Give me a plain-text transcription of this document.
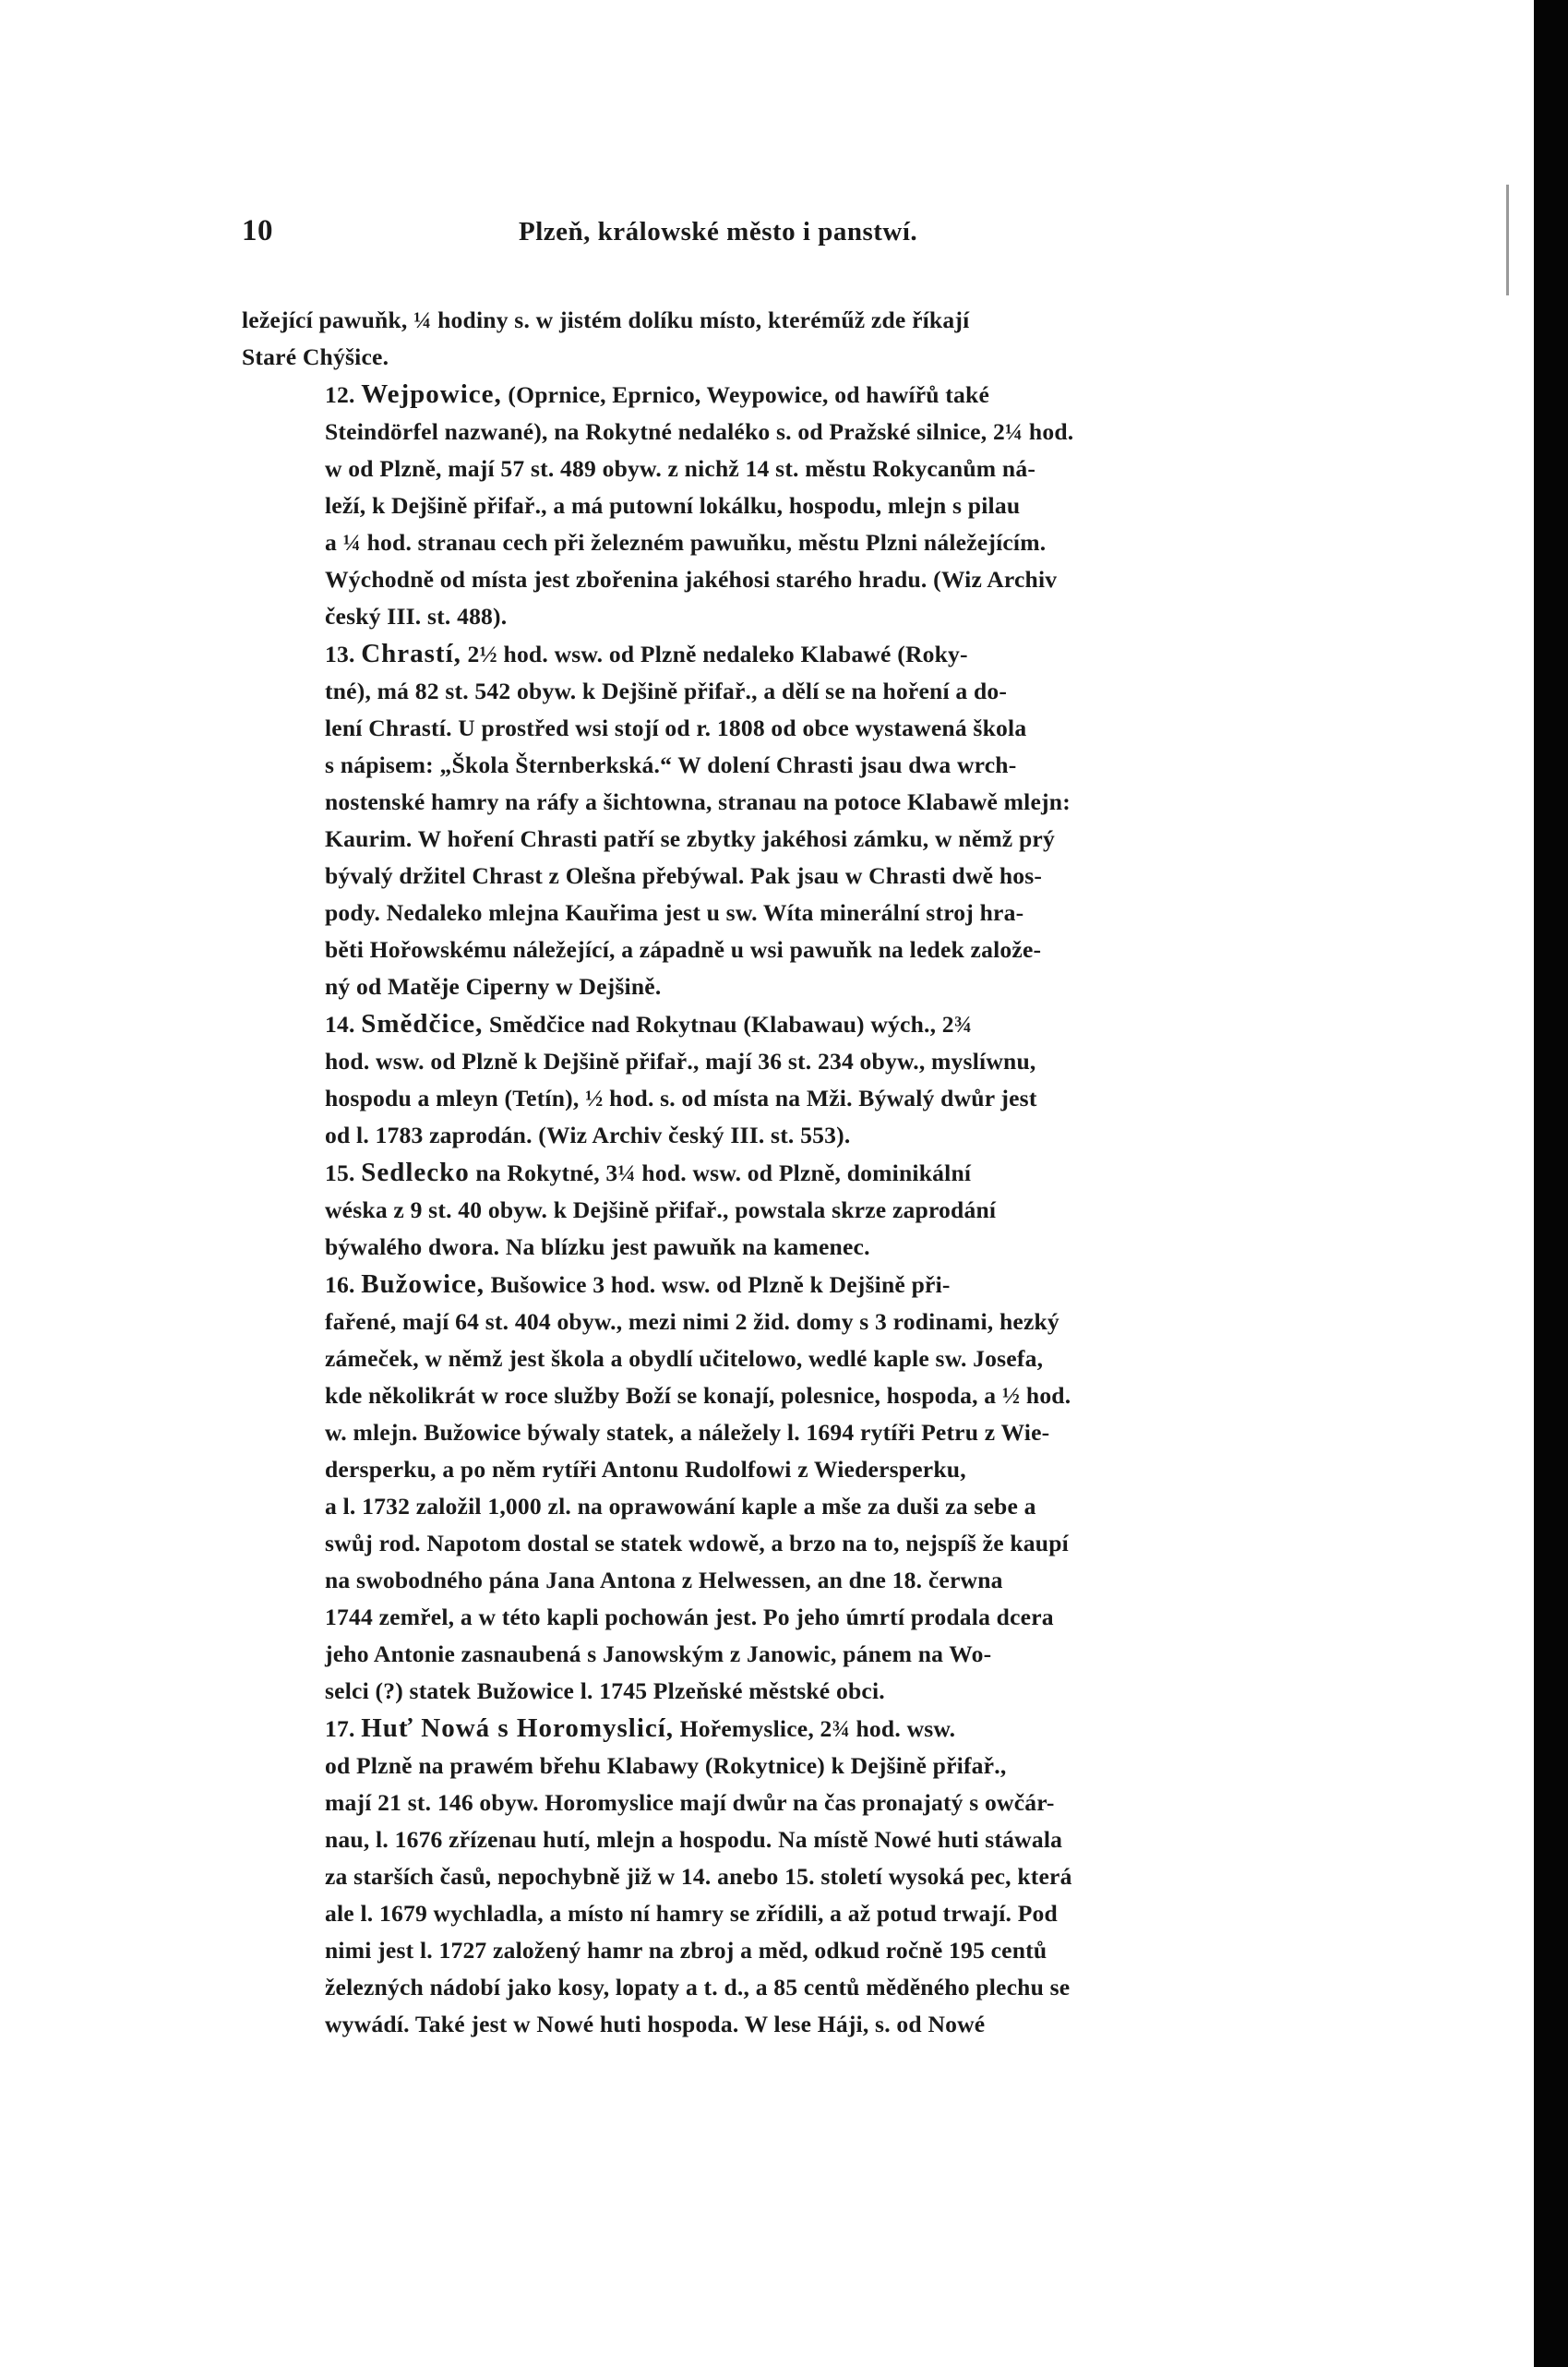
10	Plzeň, králowské město i panstwí.
ležející pawuňk, ¼ hodiny s. w jistém dolíku místo, kteréműž zde říkají
Staré Chýšice.
12. Wejpowice, (Oprnice, Eprnico, Weypowice, od hawířů také
Steindörfel nazwané), na Rokytné nedaléko s. od Pražské silnice, 2¼ hod.
w od Plzně, mají 57 st. 489 obyw. z nichž 14 st. městu Rokycanům ná-
leží, k Dejšině přifař., a má putowní lokálku, hospodu, mlejn s pilau
a ¼ hod. stranau cech při železném pawuňku, městu Plzni náležejícím.
Wýchodně od místa jest zbořenina jakéhosi starého hradu. (Wiz Archiv
český III. st. 488).
13. Chrastí, 2½ hod. wsw. od Plzně nedaleko Klabawé (Roky-
tné), má 82 st. 542 obyw. k Dejšině přifař., a dělí se na hoření a do-
lení Chrastí. U prostřed wsi stojí od r. 1808 od obce wystawená škola
s nápisem: „Škola Šternberkská.“ W dolení Chrasti jsau dwa wrch-
nostenské hamry na ráfy a šichtowna, stranau na potoce Klabawě mlejn:
Kaurim. W hoření Chrasti patří se zbytky jakéhosi zámku, w němž prý
bývalý držitel Chrast z Olešna přebýwal. Pak jsau w Chrasti dwě hos-
pody. Nedaleko mlejna Kauřima jest u sw. Wíta minerální stroj hra-
běti Hořowskému náležející, a západně u wsi pawuňk na ledek založe-
ný od Matěje Ciperny w Dejšině.
14. Smědčice, Smědčice nad Rokytnau (Klabawau) wých., 2¾
hod. wsw. od Plzně k Dejšině přifař., mají 36 st. 234 obyw., myslíwnu,
hospodu a mleyn (Tetín), ½ hod. s. od místa na Mži. Býwalý dwůr jest
od l. 1783 zaprodán. (Wiz Archiv český III. st. 553).
15. Sedlecko na Rokytné, 3¼ hod. wsw. od Plzně, dominikální
wéska z 9 st. 40 obyw. k Dejšině přifař., powstala skrze zaprodání
býwalého dwora. Na blízku jest pawuňk na kamenec.
16. Bužowice, Bušowice 3 hod. wsw. od Plzně k Dejšině při-
fařené, mají 64 st. 404 obyw., mezi nimi 2 žid. domy s 3 rodinami, hezký
zámeček, w němž jest škola a obydlí učitelowo, wedlé kaple sw. Josefa,
kde několikrát w roce služby Boží se konají, polesnice, hospoda, a ½ hod.
w. mlejn. Bužowice býwaly statek, a náležely l. 1694 rytíři Petru z Wie-
dersperku, a po něm rytíři Antonu Rudolfowi z Wiedersperku,
a l. 1732 založil 1,000 zl. na oprawowání kaple a mše za duši za sebe a
swůj rod. Napotom dostal se statek wdowě, a brzo na to, nejspíš že kaupí
na swobodného pána Jana Antona z Helwessen, an dne 18. čerwna
1744 zemřel, a w této kapli pochowán jest. Po jeho úmrtí prodala dcera
jeho Antonie zasnaubená s Janowským z Janowic, pánem na Wo-
selci (?) statek Bužowice l. 1745 Plzeňské městské obci.
17. Huť Nowá s Horomyslicí, Hořemyslice, 2¾ hod. wsw.
od Plzně na prawém břehu Klabawy (Rokytnice) k Dejšině přifař.,
mají 21 st. 146 obyw. Horomyslice mají dwůr na čas pronajatý s owčár-
nau, l. 1676 zřízenau hutí, mlejn a hospodu. Na místě Nowé huti stáwala
za starších časů, nepochybně již w 14. anebo 15. století wysoká pec, která
ale l. 1679 wychladla, a místo ní hamry se zřídili, a až potud trwají. Pod
nimi jest l. 1727 založený hamr na zbroj a měd, odkud ročně 195 centů
železných nádobí jako kosy, lopaty a t. d., a 85 centů měděného plechu se
wywádí. Také jest w Nowé huti hospoda. W lese Háji, s. od Nowé
